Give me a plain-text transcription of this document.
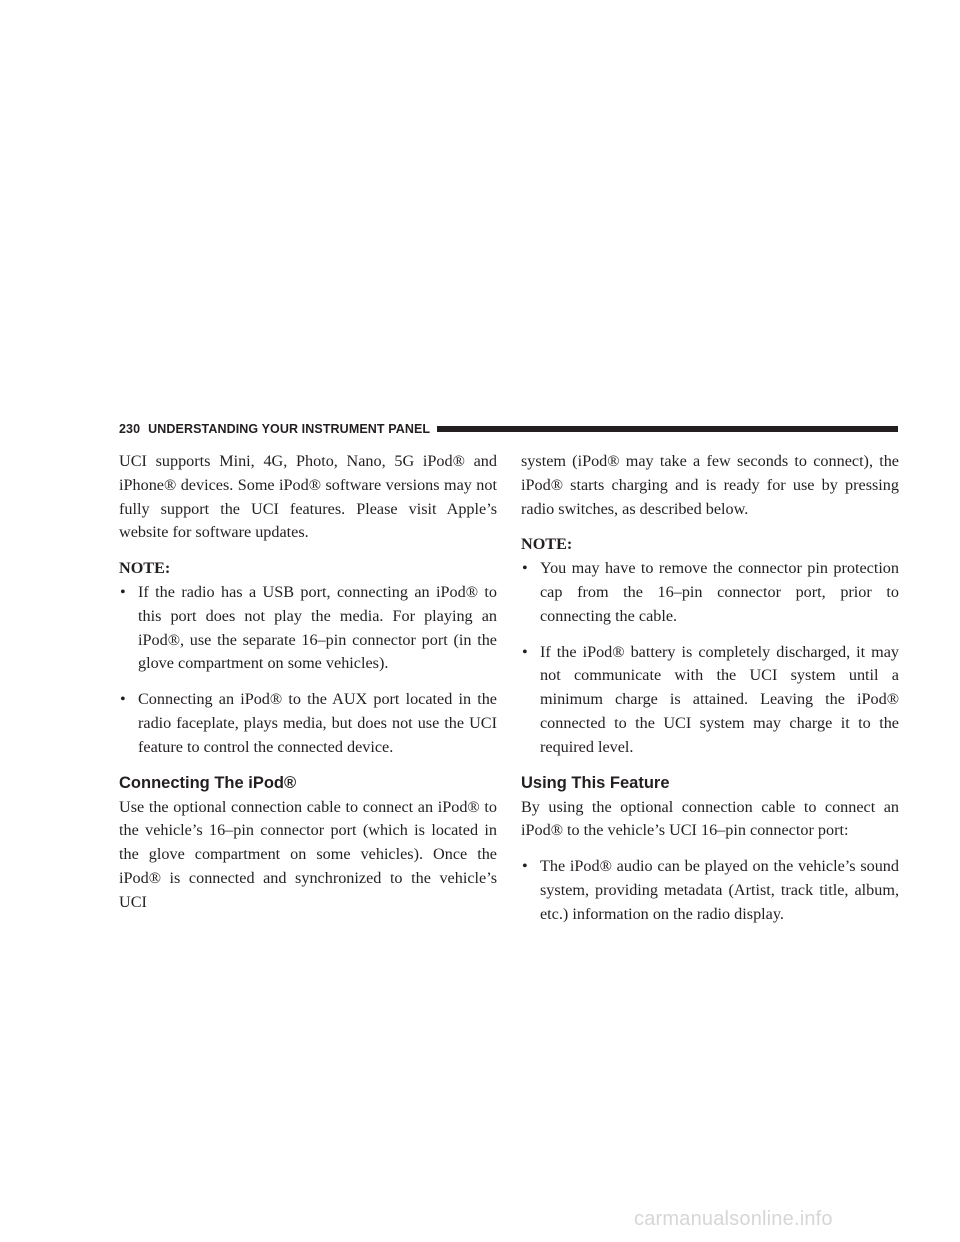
230 UNDERSTANDING YOUR INSTRUMENT PANEL

UCI supports Mini, 4G, Photo, Nano, 5G iPod® and iPhone® devices. Some iPod® software versions may not fully support the UCI features. Please visit Apple’s website for software updates.

NOTE:
• If the radio has a USB port, connecting an iPod® to this port does not play the media. For playing an iPod®, use the separate 16–pin connector port (in the glove compartment on some vehicles).
• Connecting an iPod® to the AUX port located in the radio faceplate, plays media, but does not use the UCI feature to control the connected device.
Connecting The iPod®

Use the optional connection cable to connect an iPod® to the vehicle’s 16–pin connector port (which is located in the glove compartment on some vehicles). Once the iPod® is connected and synchronized to the vehicle’s UCI

system (iPod® may take a few seconds to connect), the iPod® starts charging and is ready for use by pressing radio switches, as described below.

NOTE:
• You may have to remove the connector pin protection cap from the 16–pin connector port, prior to connecting the cable.
• If the iPod® battery is completely discharged, it may not communicate with the UCI system until a minimum charge is attained. Leaving the iPod® connected to the UCI system may charge it to the required level.
Using This Feature

By using the optional connection cable to connect an iPod® to the vehicle’s UCI 16–pin connector port:

• The iPod® audio can be played on the vehicle’s sound system, providing metadata (Artist, track title, album, etc.) information on the radio display.
carmanualsonline.info
